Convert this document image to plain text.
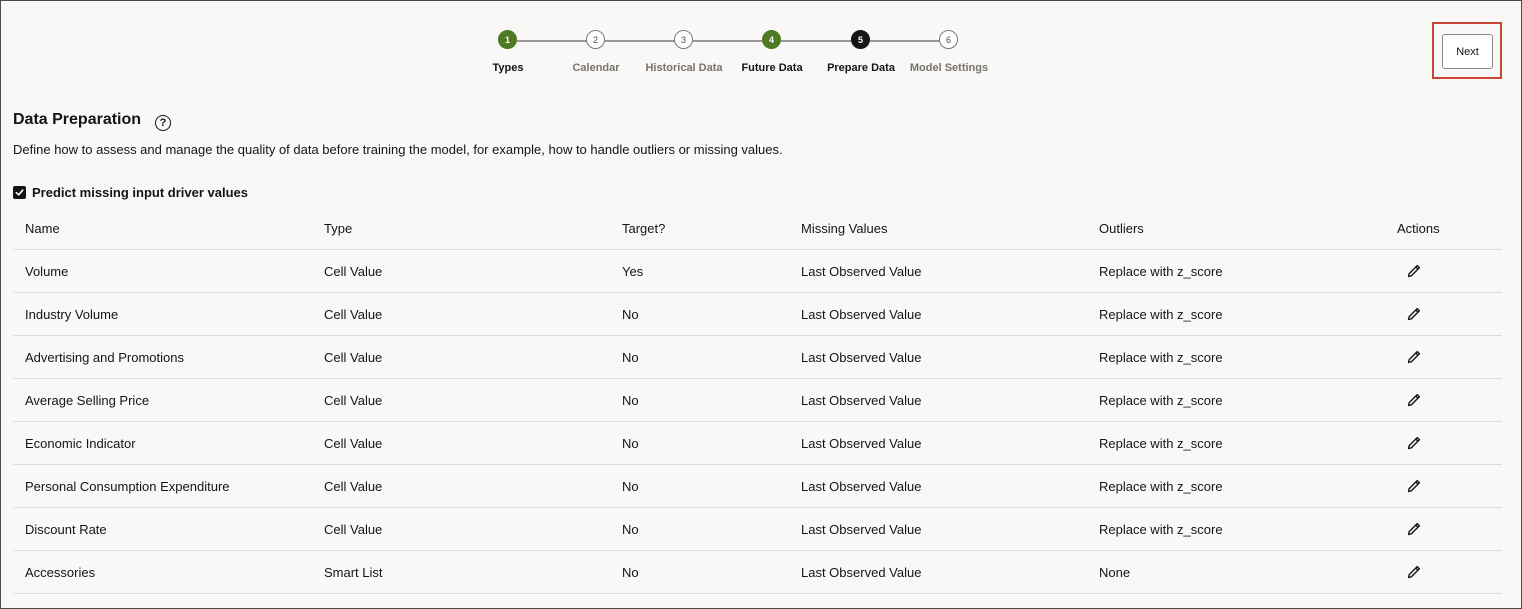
1	2	3	4	5	6
Types	Calendar	Historical Data	Future Data	Prepare Data	Model Settings
Next
Data Preparation	?
Define how to assess and manage the quality of data before training the model, for example, how to handle outliers or missing values.
Predict missing input driver values
Name	Type	Target?	Missing Values	Outliers	Actions
Volume	Cell Value	Yes	Last Observed Value	Replace with z_score
Industry Volume	Cell Value	No	Last Observed Value	Replace with z_score
Advertising and Promotions	Cell Value	No	Last Observed Value	Replace with z_score
Average Selling Price	Cell Value	No	Last Observed Value	Replace with z_score
Economic Indicator	Cell Value	No	Last Observed Value	Replace with z_score
Personal Consumption Expenditure	Cell Value	No	Last Observed Value	Replace with z_score
Discount Rate	Cell Value	No	Last Observed Value	Replace with z_score
Accessories	Smart List	No	Last Observed Value	None
